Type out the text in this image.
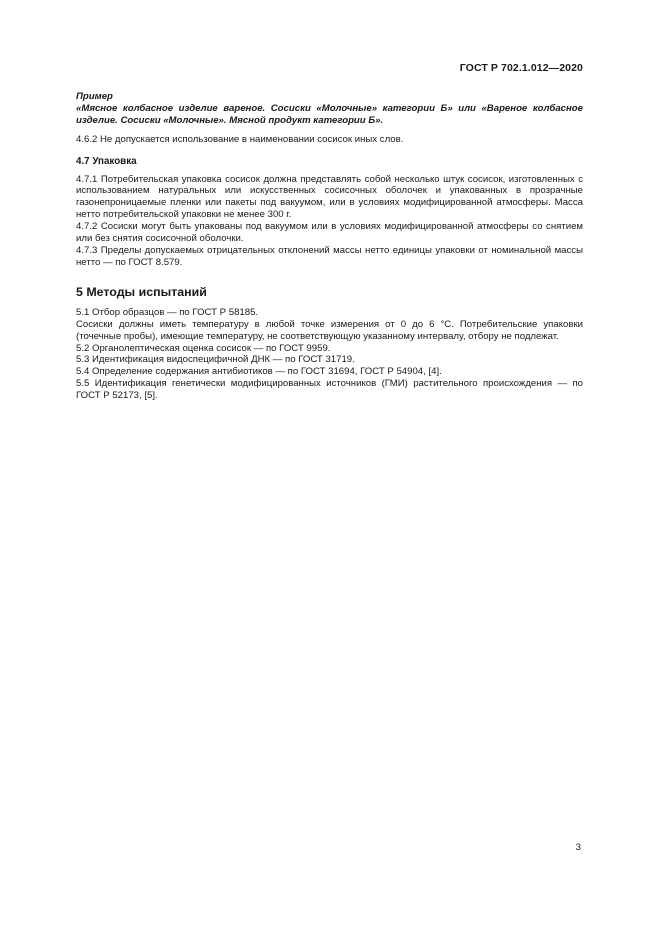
ГОСТ Р 702.1.012—2020

Пример

«Мясное колбасное изделие вареное. Сосиски «Молочные» категории Б» или «Вареное колбасное изделие. Сосиски «Молочные». Мясной продукт категории Б».

4.6.2 Не допускается использование в наименовании сосисок иных слов.

4.7 Упаковка

4.7.1 Потребительская упаковка сосисок должна представлять собой несколько штук сосисок, изготовленных с использованием натуральных или искусственных сосисочных оболочек и упакованных в прозрачные газонепроницаемые пленки или пакеты под вакуумом, или в условиях модифицированной атмосферы. Масса нетто потребительской упаковки не менее 300 г.

4.7.2 Сосиски могут быть упакованы под вакуумом или в условиях модифицированной атмосферы со снятием или без снятия сосисочной оболочки.

4.7.3 Пределы допускаемых отрицательных отклонений массы нетто единицы упаковки от номинальной массы нетто — по ГОСТ 8.579.

5 Методы испытаний

5.1 Отбор образцов — по ГОСТ Р 58185.

Сосиски должны иметь температуру в любой точке измерения от 0 до 6 °С. Потребительские упаковки (точечные пробы), имеющие температуру, не соответствующую указанному интервалу, отбору не подлежат.

5.2 Органолептическая оценка сосисок — по ГОСТ 9959.

5.3 Идентификация видоспецифичной ДНК — по ГОСТ 31719.

5.4 Определение содержания антибиотиков — по ГОСТ 31694, ГОСТ Р 54904, [4].

5.5 Идентификация генетически модифицированных источников (ГМИ) растительного происхождения — по ГОСТ Р 52173, [5].

3
